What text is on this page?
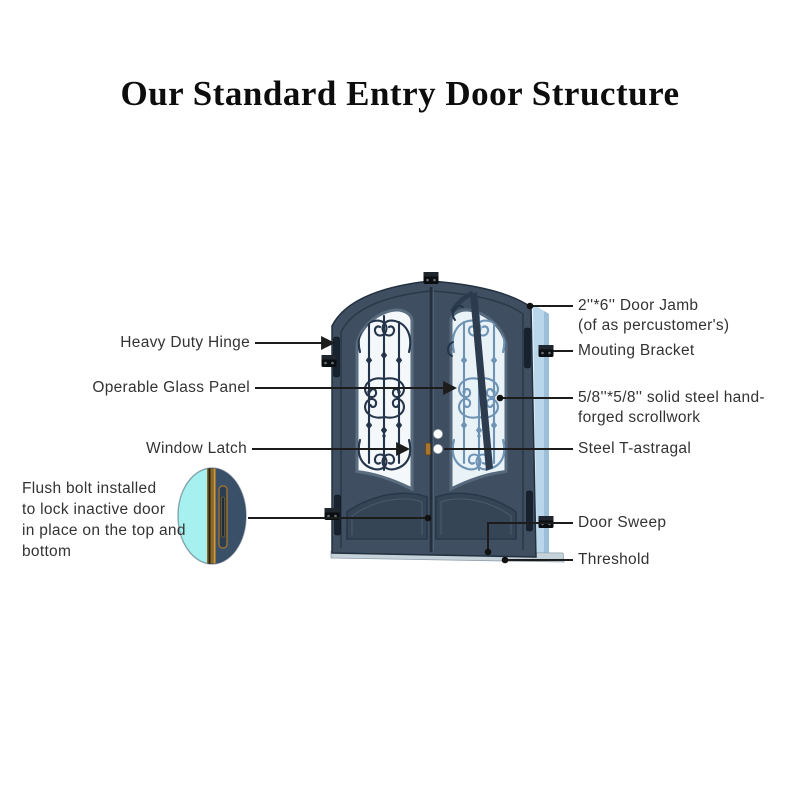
Our Standard Entry Door Structure
Heavy Duty Hinge
Operable Glass Panel
Window Latch
Flush bolt installed
to lock inactive door
in place on the top and
bottom
2''*6'' Door Jamb
(of as percustomer's)
Mouting Bracket
5/8''*5/8'' solid steel hand-
forged scrollwork
Steel T-astragal
Door Sweep
Threshold
